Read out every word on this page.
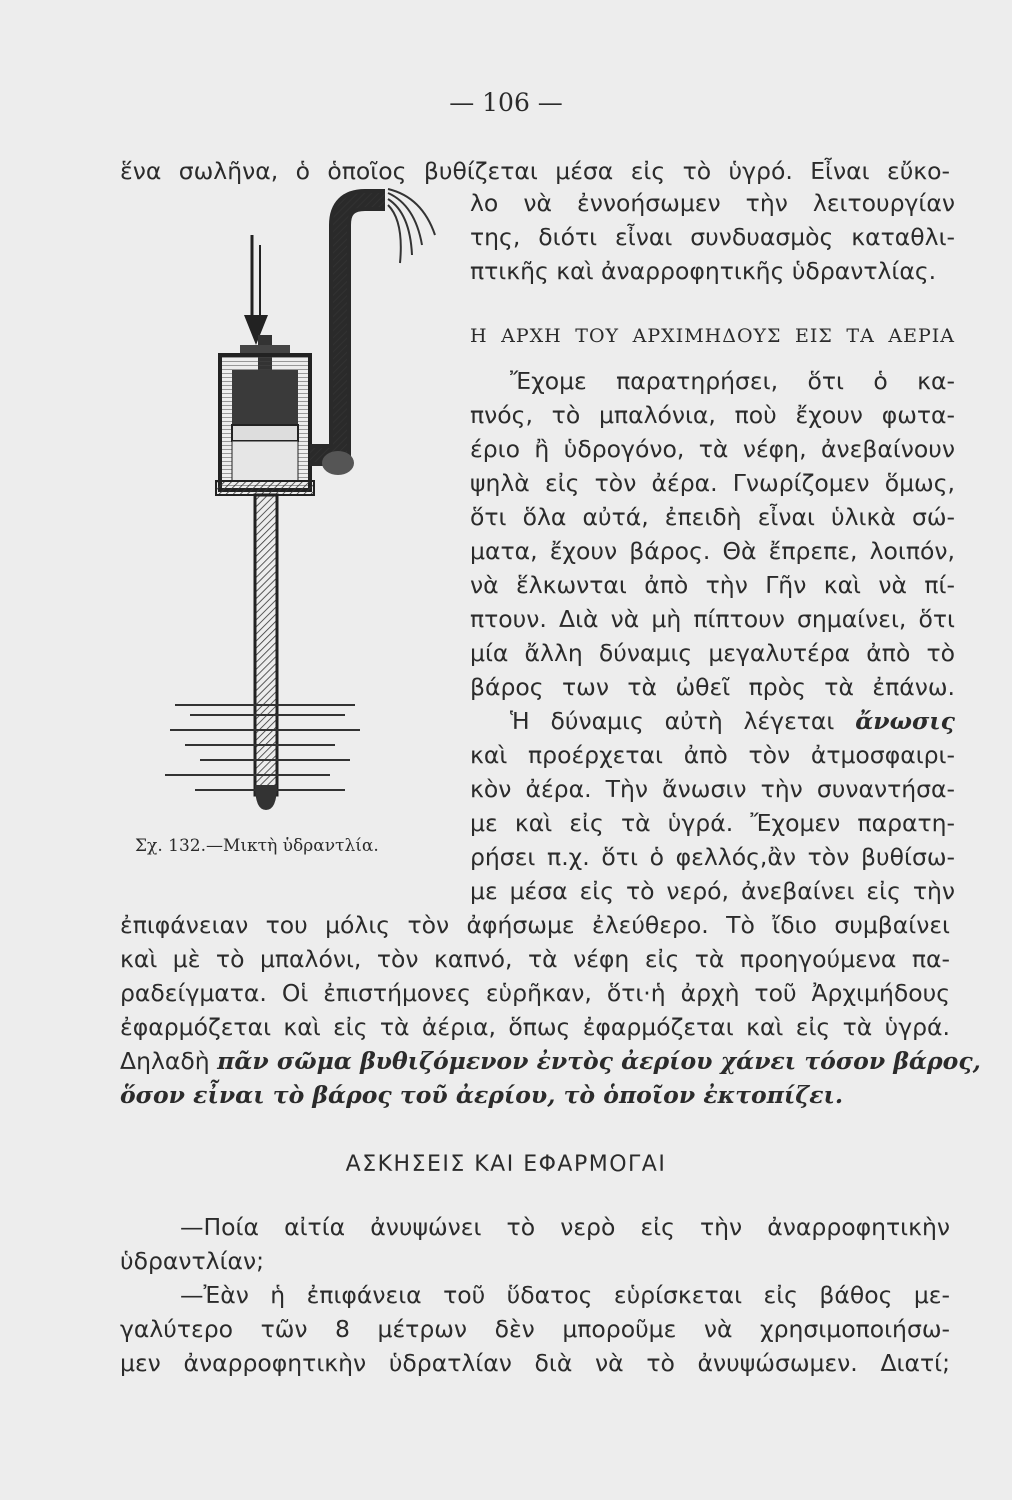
— 106 —
ἕνα σωλῆνα, ὁ ὁποῖος βυθίζεται μέσα εἰς τὸ ὑγρό. Εἶναι εὔκο-
λο νὰ ἐννοήσωμεν τὴν λειτουργίαν
της, διότι εἶναι συνδυασμὸς καταθλι-
πτικῆς καὶ ἀναρροφητικῆς ὑδραντλίας.
Η ΑΡΧΗ ΤΟΥ ΑΡΧΙΜΗΔΟΥΣ ΕΙΣ ΤΑ ΑΕΡΙΑ
Ἔχομε παρατηρήσει, ὅτι ὁ κα-
πνός, τὸ μπαλόνια, ποὺ ἔχουν φωτα-
έριο ἢ ὑδρογόνο, τὰ νέφη, ἀνεβαίνουν
ψηλὰ εἰς τὸν ἀέρα. Γνωρίζομεν ὅμως,
ὅτι ὅλα αὐτά, ἐπειδὴ εἶναι ὑλικὰ σώ-
ματα, ἔχουν βάρος. Θὰ ἔπρεπε, λοιπόν,
νὰ ἕλκωνται ἀπὸ τὴν Γῆν καὶ νὰ πί-
πτουν. Διὰ νὰ μὴ πίπτουν σημαίνει, ὅτι
μία ἄλλη δύναμις μεγαλυτέρα ἀπὸ τὸ
βάρος των τὰ ὠθεῖ πρὸς τὰ ἐπάνω.
Ἡ δύναμις αὐτὴ λέγεται ἄνωσις
καὶ προέρχεται ἀπὸ τὸν ἀτμοσφαιρι-
κὸν ἀέρα. Τὴν ἄνωσιν τὴν συναντήσα-
με καὶ εἰς τὰ ὑγρά. Ἔχομεν παρατη-
ρήσει π.χ. ὅτι ὁ φελλός,ἂν τὸν βυθίσω-
με μέσα εἰς τὸ νερό, ἀνεβαίνει εἰς τὴν
Σχ. 132.—Μικτὴ ὑδραντλία.
ἐπιφάνειαν του μόλις τὸν ἀφήσωμε ἐλεύθερο. Τὸ ἴδιο συμβαίνει
καὶ μὲ τὸ μπαλόνι, τὸν καπνό, τὰ νέφη εἰς τὰ προηγούμενα πα-
ραδείγματα. Οἱ ἐπιστήμονες εὑρῆκαν, ὅτι·ἡ ἀρχὴ τοῦ Ἀρχιμήδους
ἐφαρμόζεται καὶ εἰς τὰ ἀέρια, ὅπως ἐφαρμόζεται καὶ εἰς τὰ ὑγρά.
Δηλαδὴ πᾶν σῶμα βυθιζόμενον ἐντὸς ἀερίου χάνει τόσον βάρος,
ὅσον εἶναι τὸ βάρος τοῦ ἀερίου, τὸ ὁποῖον ἐκτοπίζει.
ΑΣΚΗΣΕΙΣ ΚΑΙ ΕΦΑΡΜΟΓΑΙ
—Ποία αἰτία ἀνυψώνει τὸ νερὸ εἰς τὴν ἀναρροφητικὴν
ὑδραντλίαν;
—Ἐὰν ἡ ἐπιφάνεια τοῦ ὕδατος εὑρίσκεται εἰς βάθος με-
γαλύτερο τῶν 8 μέτρων δὲν μποροῦμε νὰ χρησιμοποιήσω-
μεν ἀναρροφητικὴν ὑδρατλίαν διὰ νὰ τὸ ἀνυψώσωμεν. Διατί;
